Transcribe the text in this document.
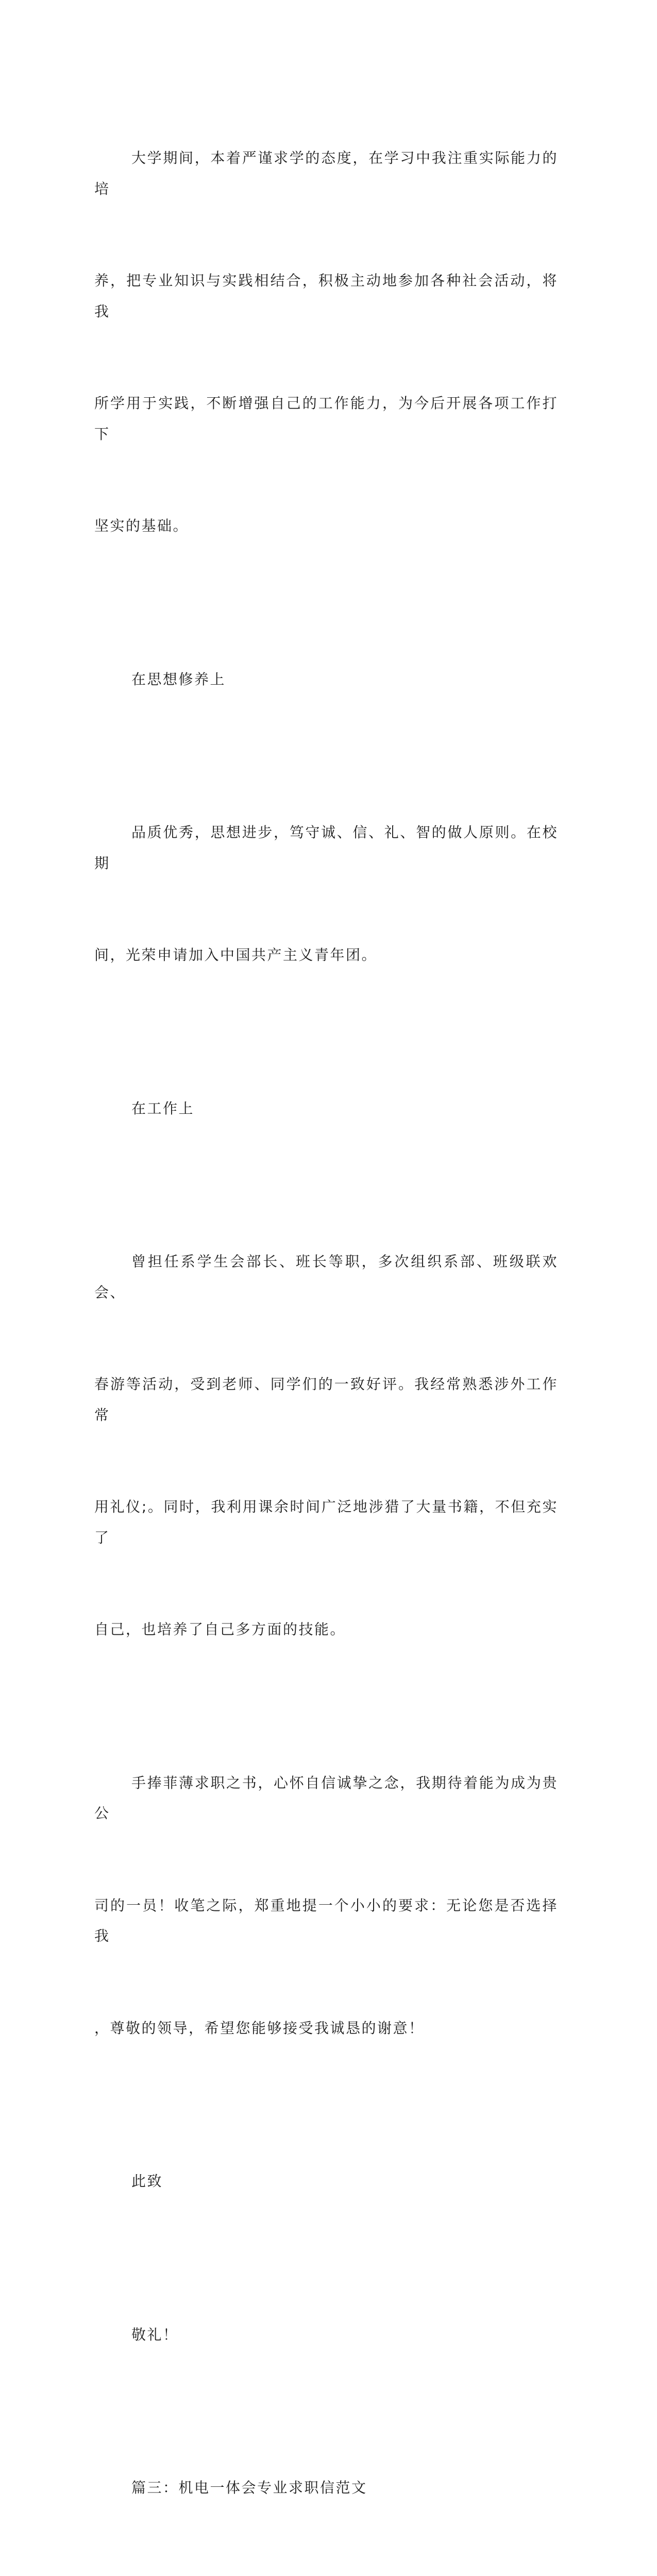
大学期间，本着严谨求学的态度，在学习中我注重实际能力的培

养，把专业知识与实践相结合，积极主动地参加各种社会活动，将我

所学用于实践，不断增强自己的工作能力，为今后开展各项工作打下

坚实的基础。

在思想修养上

品质优秀，思想进步，笃守诚、信、礼、智的做人原则。在校期

间，光荣申请加入中国共产主义青年团。

在工作上

曾担任系学生会部长、班长等职，多次组织系部、班级联欢会、

春游等活动，受到老师、同学们的一致好评。我经常熟悉涉外工作常

用礼仪;。同时，我利用课余时间广泛地涉猎了大量书籍，不但充实了

自己，也培养了自己多方面的技能。

手捧菲薄求职之书，心怀自信诚挚之念，我期待着能为成为贵公

司的一员！收笔之际，郑重地提一个小小的要求：无论您是否选择我

，尊敬的领导，希望您能够接受我诚恳的谢意！

此致

敬礼！

篇三：机电一体会专业求职信范文
